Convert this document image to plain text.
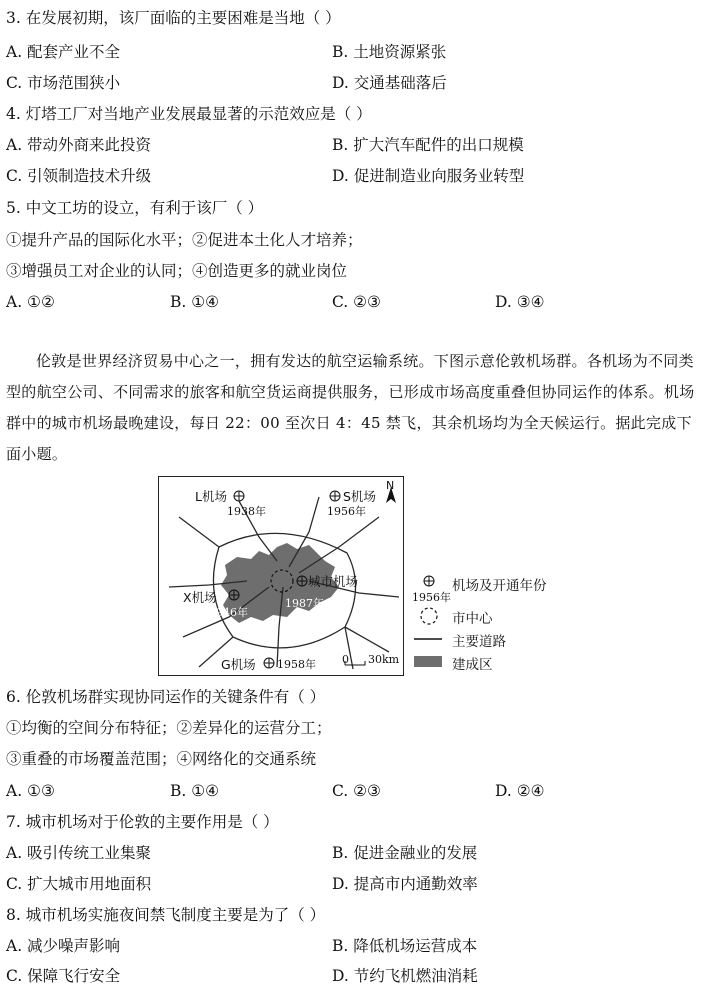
3. 在发展初期，该厂面临的主要困难是当地（ ）
A. 配套产业不全	B. 土地资源紧张
C. 市场范围狭小	D. 交通基础落后
4. 灯塔工厂对当地产业发展最显著的示范效应是（ ）
A. 带动外商来此投资	B. 扩大汽车配件的出口规模
C. 引领制造技术升级	D. 促进制造业向服务业转型
5. 中文工坊的设立，有利于该厂（ ）
①提升产品的国际化水平；②促进本土化人才培养；
③增强员工对企业的认同；④创造更多的就业岗位
A. ①②	B. ①④	C. ②③	D. ③④
伦敦是世界经济贸易中心之一，拥有发达的航空运输系统。下图示意伦敦机场群。各机场为不同类型的航空公司、不同需求的旅客和航空货运商提供服务，已形成市场高度重叠但协同运作的体系。机场群中的城市机场最晚建设，每日 22：00 至次日 4：45 禁飞，其余机场均为全天候运行。据此完成下面小题。
L机场
1938年
S机场
1956年
城市机场
1987年
X机场
1946年
G机场 1958年
N
0 30km
1956年
机场及开通年份
市中心
主要道路
建成区
6. 伦敦机场群实现协同运作的关键条件有（ ）
①均衡的空间分布特征；②差异化的运营分工；
③重叠的市场覆盖范围；④网络化的交通系统
A. ①③	B. ①④	C. ②③	D. ②④
7. 城市机场对于伦敦的主要作用是（ ）
A. 吸引传统工业集聚	B. 促进金融业的发展
C. 扩大城市用地面积	D. 提高市内通勤效率
8. 城市机场实施夜间禁飞制度主要是为了（ ）
A. 减少噪声影响	B. 降低机场运营成本
C. 保障飞行安全	D. 节约飞机燃油消耗
